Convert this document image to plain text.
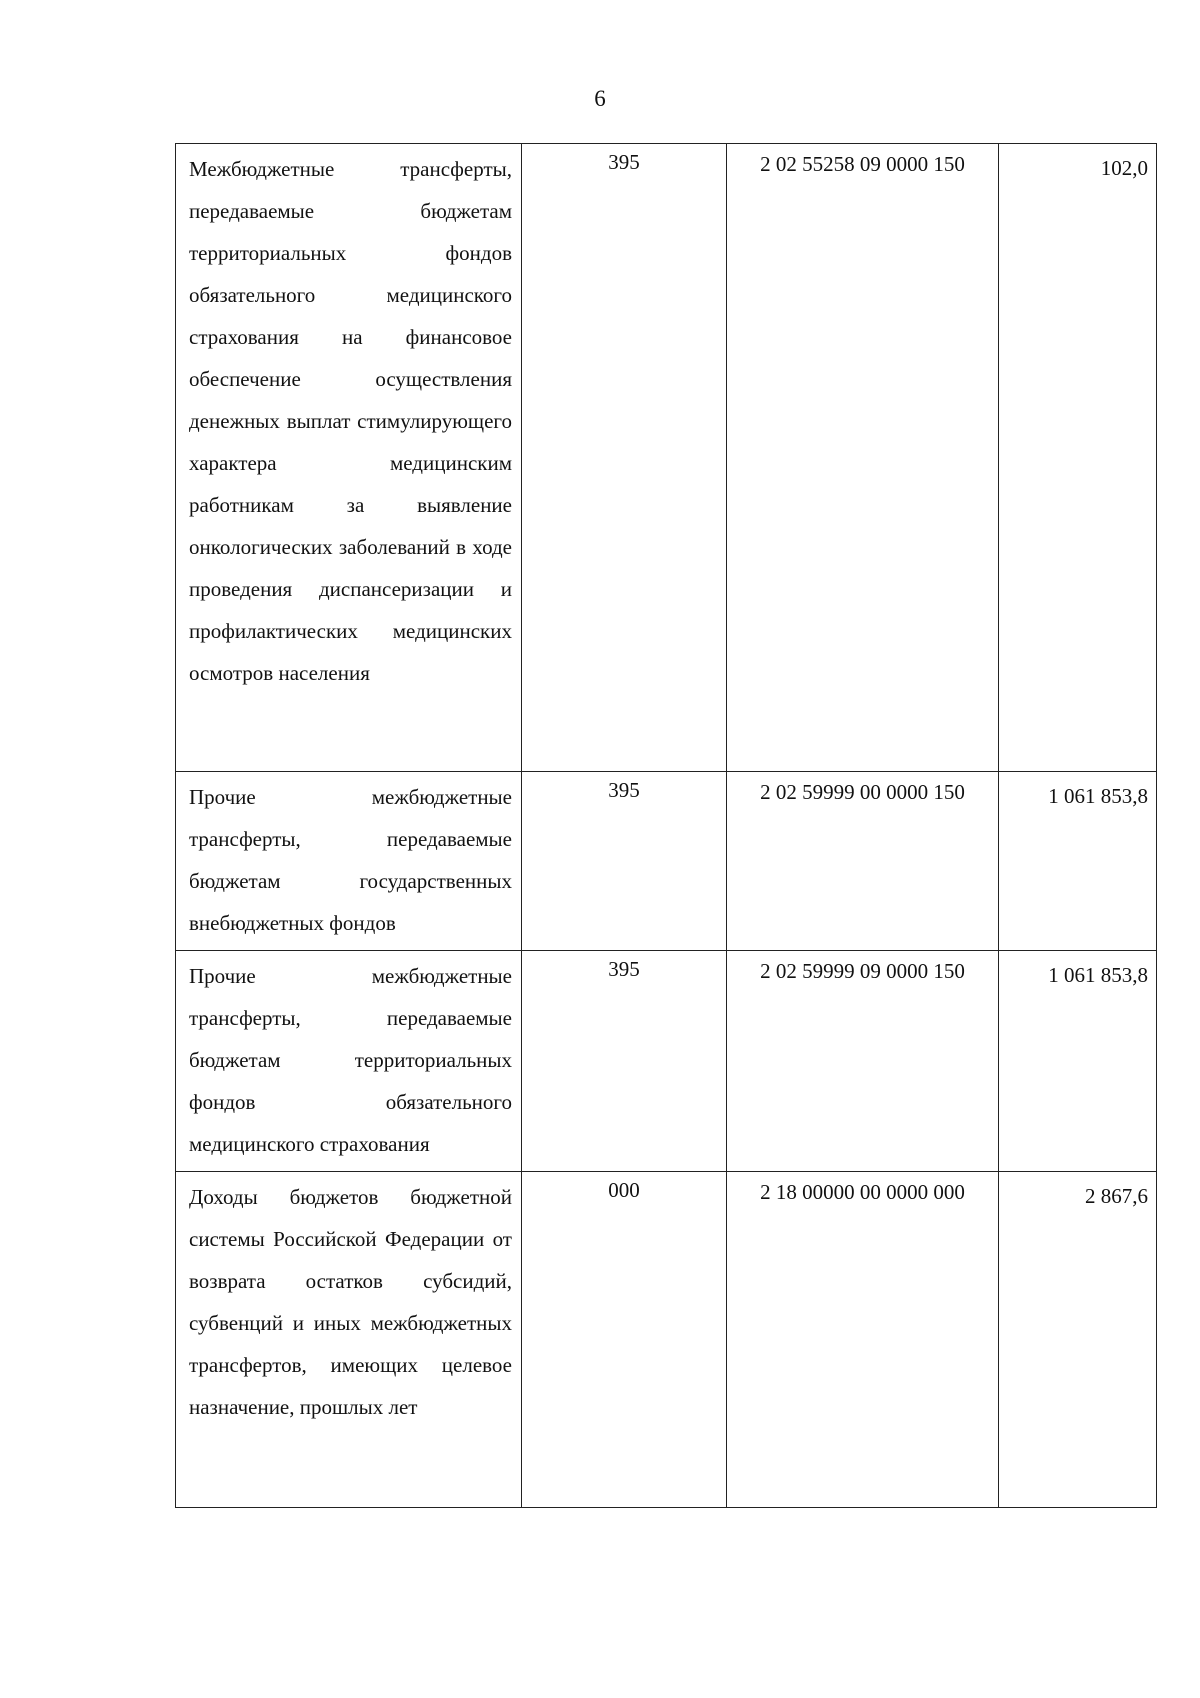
6
Межбюджетные трансферты, передаваемые бюджетам территориальных фондов обязательного медицинского страхования на финансовое обеспечение осуществления денежных выплат стимулирующего характера медицинским работникам за выявление онкологических заболеваний в ходе проведения диспансеризации и профилактических медицинских осмотров населения	395	2 02 55258 09 0000 150	102,0

Прочие межбюджетные трансферты, передаваемые бюджетам государственных внебюджетных фондов	395	2 02 59999 00 0000 150	1 061 853,8

Прочие межбюджетные трансферты, передаваемые бюджетам территориальных фондов обязательного медицинского страхования	395	2 02 59999 09 0000 150	1 061 853,8

Доходы бюджетов бюджетной системы Российской Федерации от возврата остатков субсидий, субвенций и иных межбюджетных трансфертов, имеющих целевое назначение, прошлых лет	000	2 18 00000 00 0000 000	2 867,6
